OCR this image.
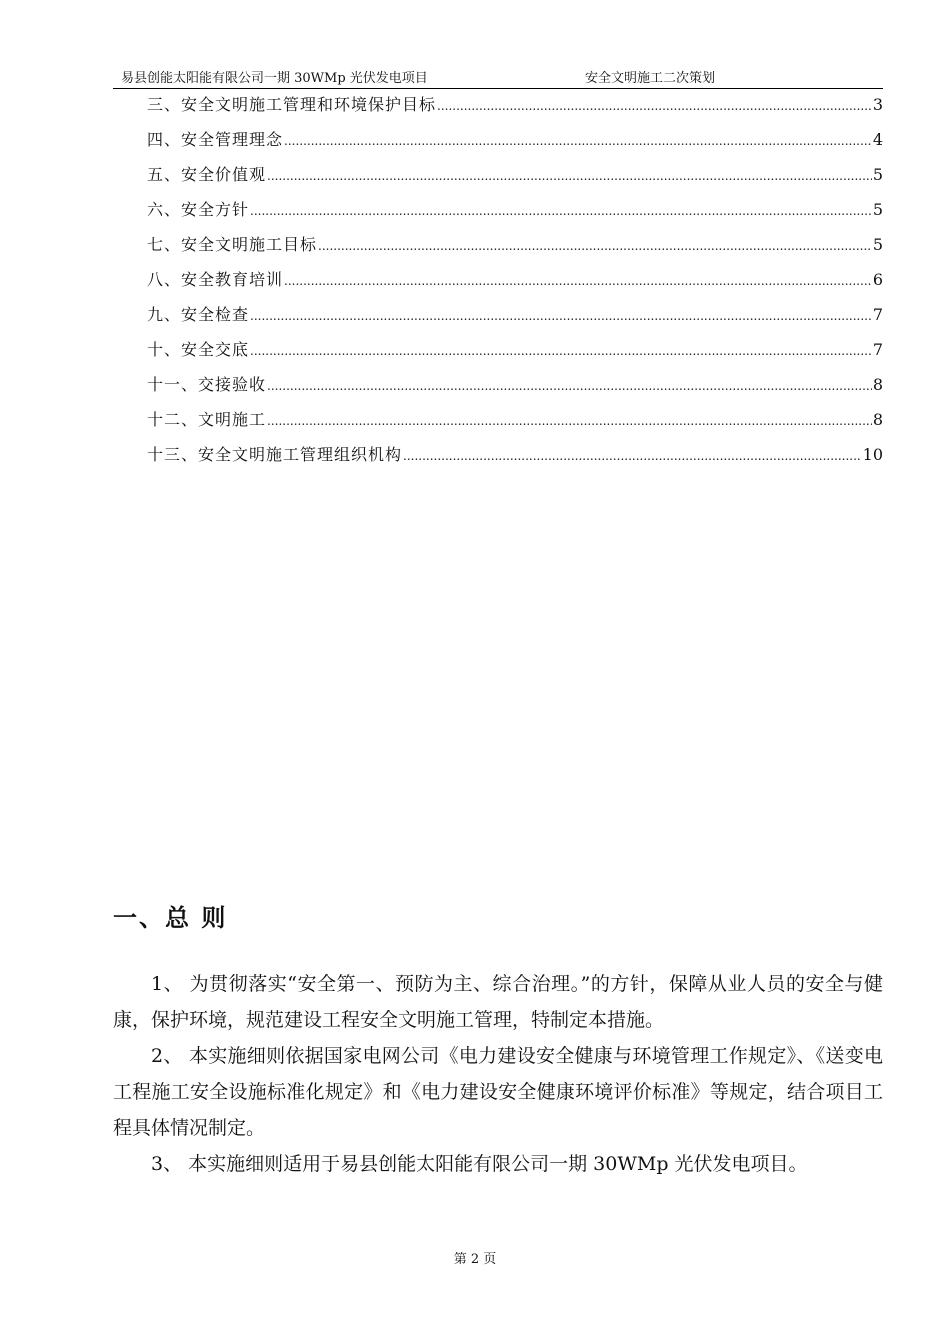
易县创能太阳能有限公司一期 30WMp 光伏发电项目	安全文明施工二次策划
三、安全文明施工管理和环境保护目标 .....	3
四、安全管理理念 .....	4
五、安全价值观 .....	5
六、安全方针 .....	5
七、安全文明施工目标 .....	5
八、安全教育培训 .....	6
九、安全检查 .....	7
十、安全交底 .....	7
十一、交接验收 .....	8
十二、文明施工 .....	8
十三、安全文明施工管理组织机构 .....	10
一、总 则

1、 为贯彻落实“安全第一、预防为主、综合治理。”的方针，保障从业人员的安全与健康，保护环境，规范建设工程安全文明施工管理，特制定本措施。

2、 本实施细则依据国家电网公司《电力建设安全健康与环境管理工作规定》、《送变电工程施工安全设施标准化规定》和《电力建设安全健康环境评价标准》等规定，结合项目工程具体情况制定。

3、 本实施细则适用于易县创能太阳能有限公司一期 30WMp 光伏发电项目。

第 2 页
